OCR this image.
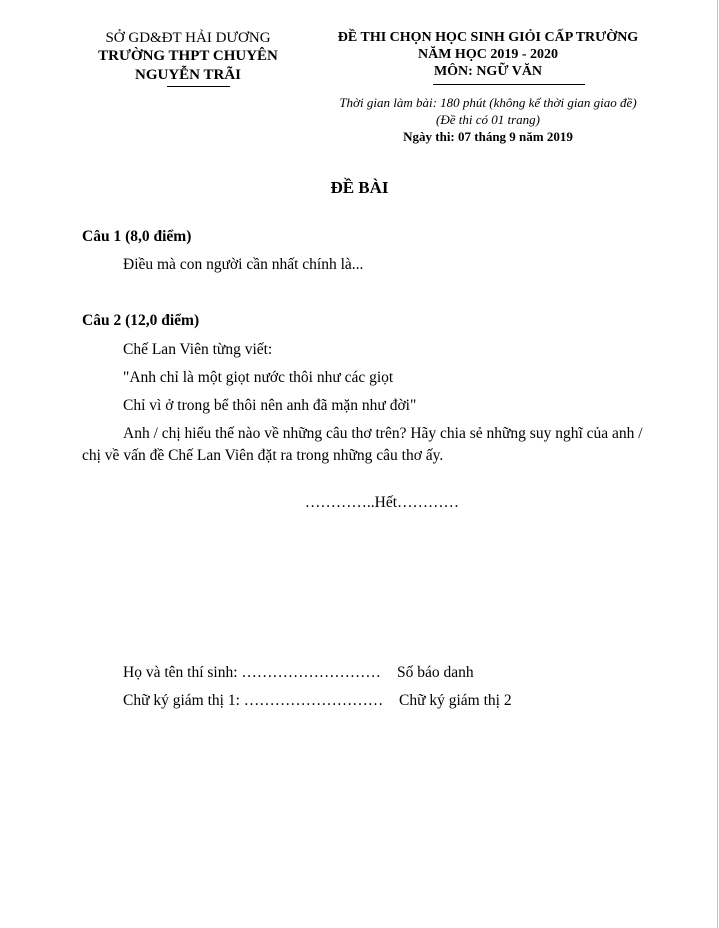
SỞ GD&ĐT HẢI DƯƠNG
TRƯỜNG THPT CHUYÊN
NGUYỄN TRÃI
ĐỀ THI CHỌN HỌC SINH GIỎI CẤP TRƯỜNG
NĂM HỌC 2019 - 2020
MÔN: NGỮ VĂN
Thời gian làm bài: 180 phút (không kể thời gian giao đề)
(Đề thi có 01 trang)
Ngày thi: 07 tháng 9 năm 2019
ĐỀ BÀI
Câu 1 (8,0 điểm)
Điều mà con người cần nhất chính là...
Câu 2 (12,0 điểm)
Chế Lan Viên từng viết:
"Anh chỉ là một giọt nước thôi như các giọt
Chỉ vì ở trong bể thôi nên anh đã mặn như đời"
Anh / chị hiểu thế nào về những câu thơ trên? Hãy chia sẻ những suy nghĩ của anh /
chị về vấn đề Chế Lan Viên đặt ra trong những câu thơ ấy.
…………..Hết…………
Họ và tên thí sinh: ……………………… Số báo danh
Chữ ký giám thị 1: ……………………… Chữ ký giám thị 2
